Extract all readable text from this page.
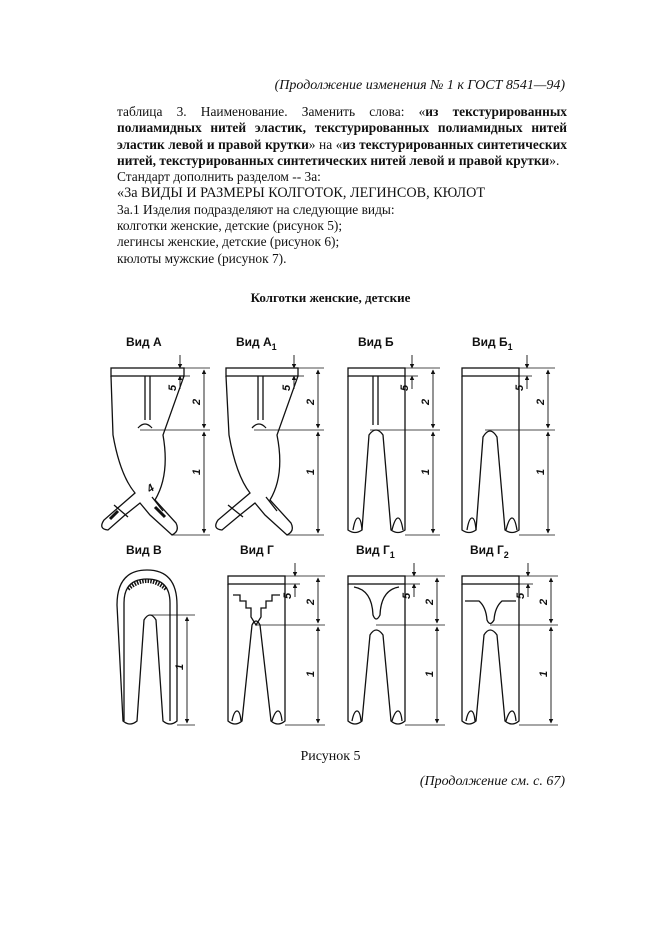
(Продолжение изменения № 1 к ГОСТ 8541—94)

таблица 3. Наименование. Заменить слова: «из текстурированных полиамидных нитей эластик, текстурированных полиамидных нитей эластик левой и правой крутки» на «из текстурированных синтетических нитей, текстурированных синтетических нитей левой и правой крутки».

Стандарт дополнить разделом -- 3а:

«3а ВИДЫ И РАЗМЕРЫ КОЛГОТОК, ЛЕГИНСОВ, КЮЛОТ

3а.1 Изделия подразделяют на следующие виды:

колготки женские, детские (рисунок 5);

легинсы женские, детские (рисунок 6);

кюлоты мужские (рисунок 7).

Колготки женские, детские
Вид А	Вид $А_1$	Вид Б	Вид $Б_1$
Вид В	Вид Г	Вид $Г_1$	Вид $Г_2$
5
2
1
4
5
2
1
5
2
1
5
2
1
1
5
2
1
5
2
1
5
2
1
Рисунок 5
(Продолжение см. с. 67)
